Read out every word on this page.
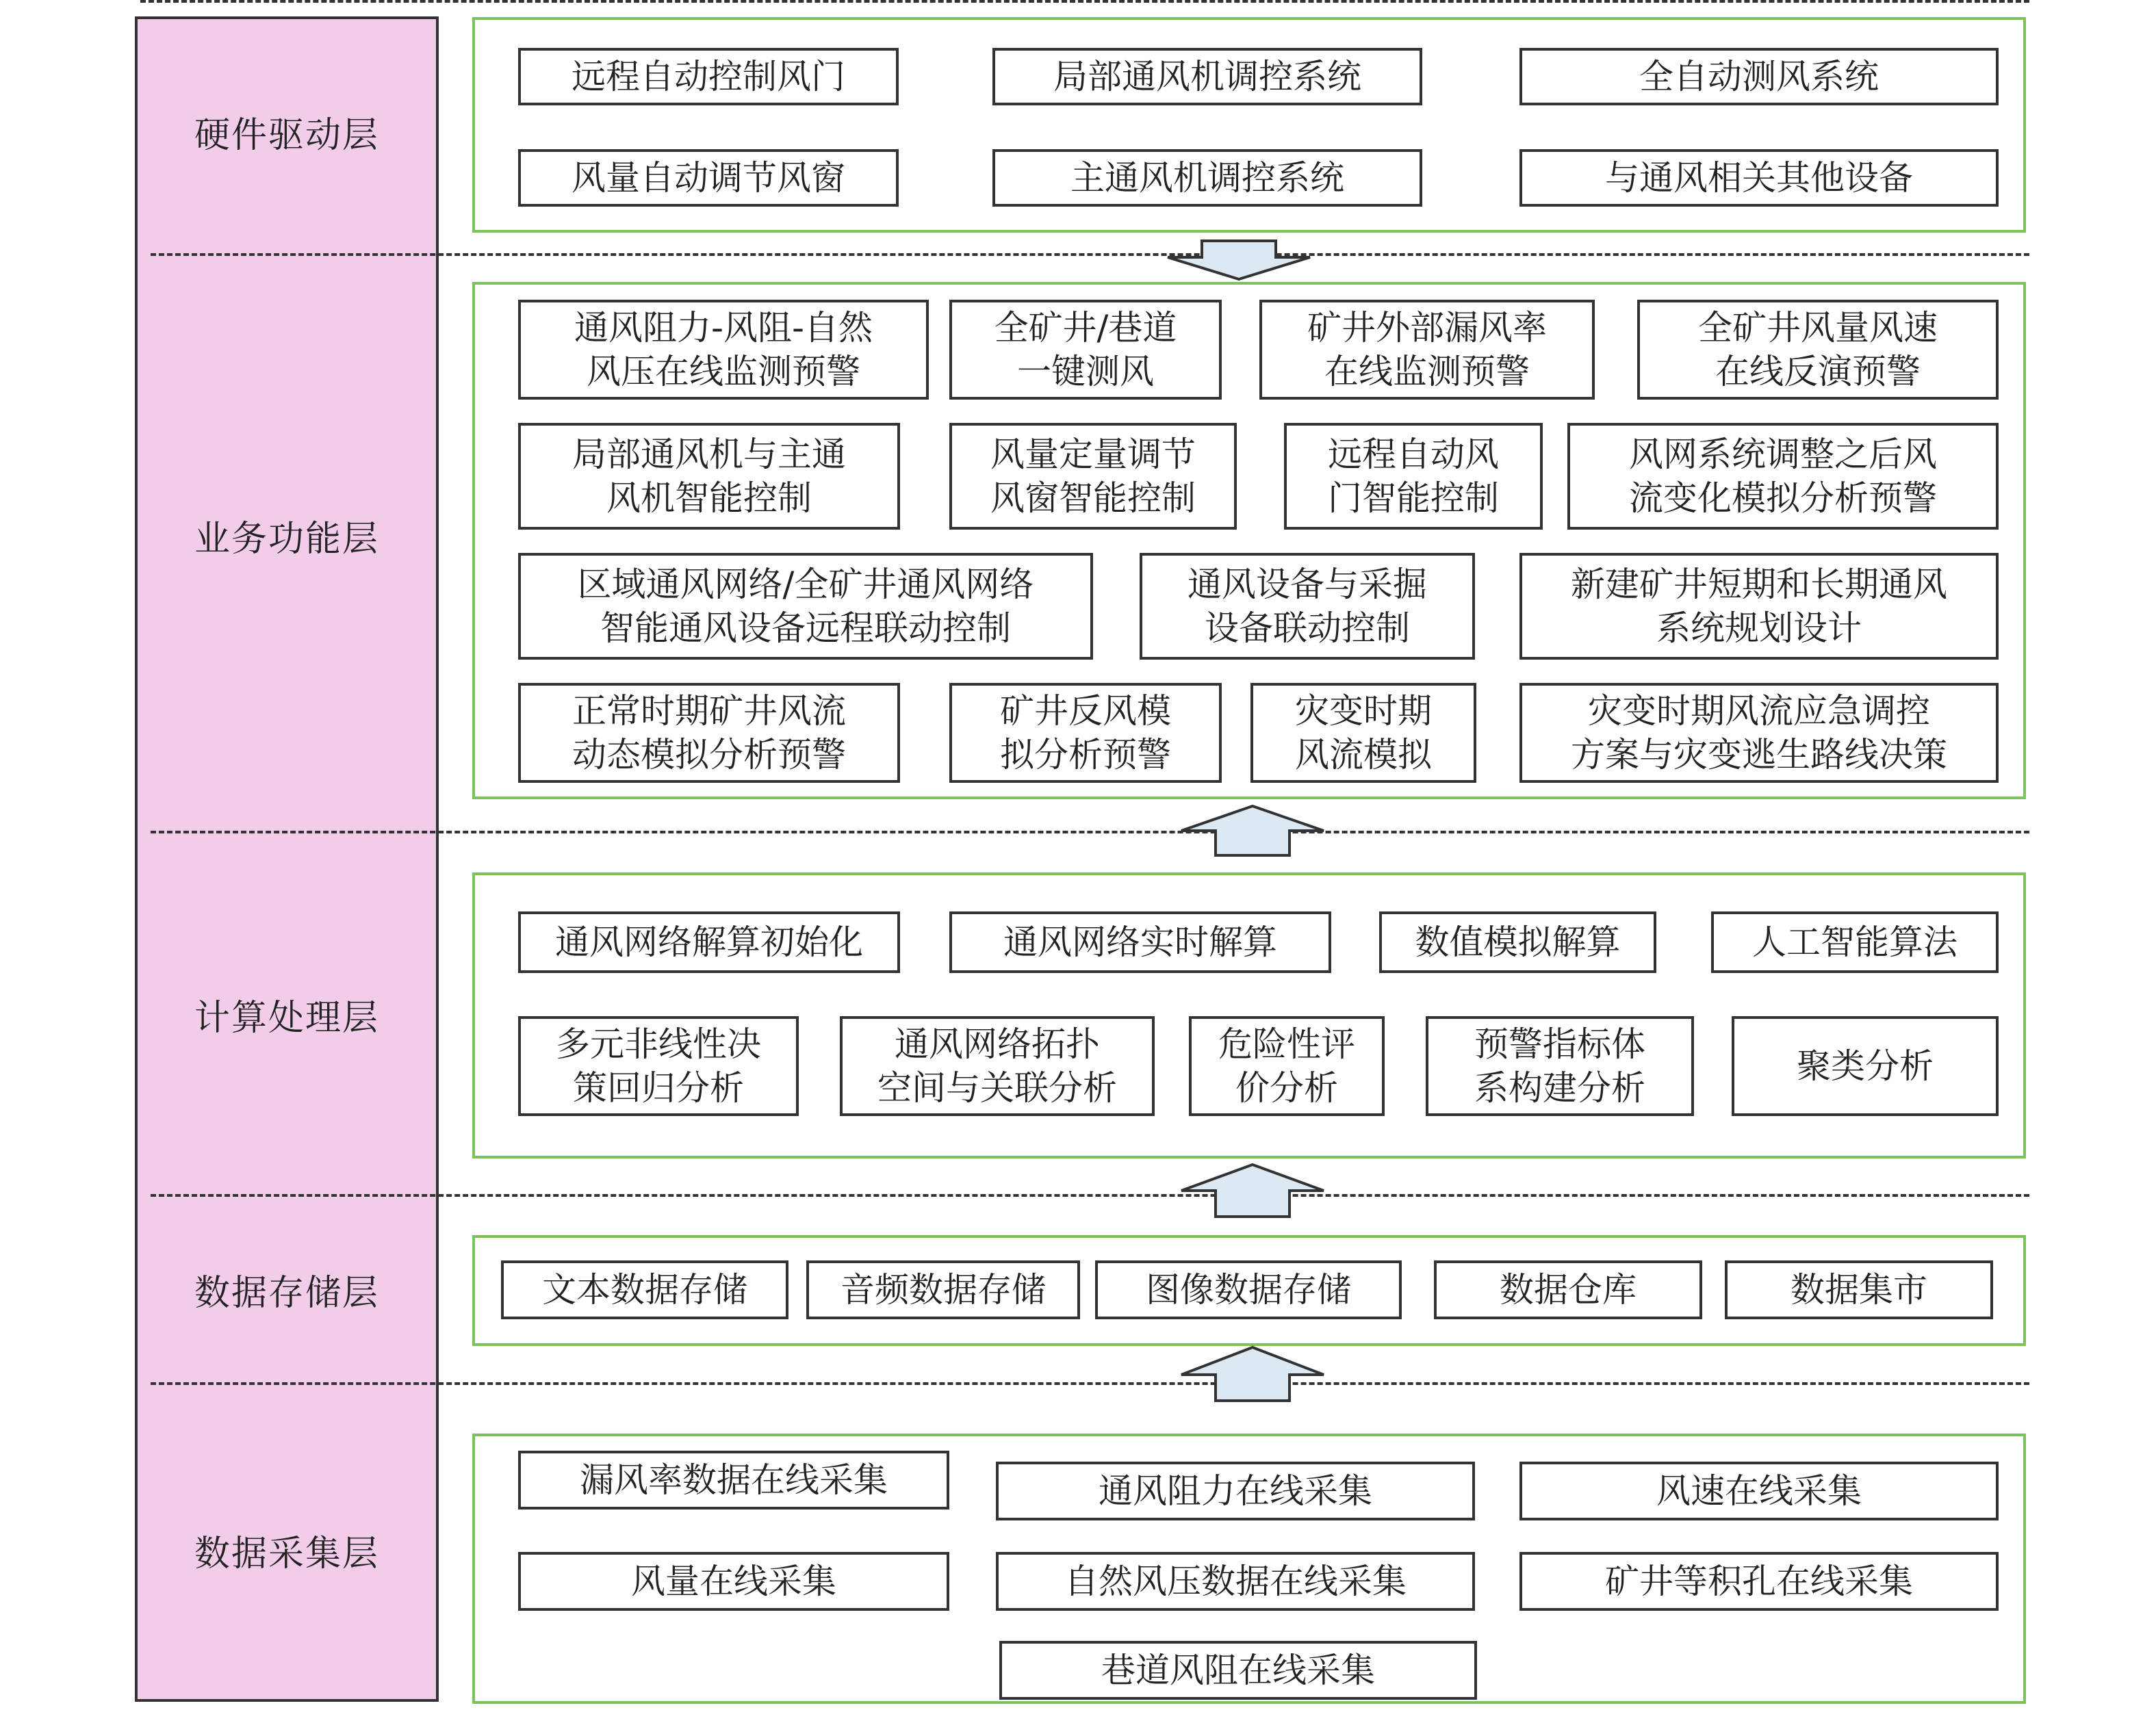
硬件驱动层
业务功能层
计算处理层
数据存储层
数据采集层
远程自动控制风门	局部通风机调控系统	全自动测风系统
风量自动调节风窗	主通风机调控系统	与通风相关其他设备
通风阻力-风阻-自然
风压在线监测预警
全矿井/巷道
一键测风
矿井外部漏风率
在线监测预警
全矿井风量风速
在线反演预警
局部通风机与主通
风机智能控制
风量定量调节
风窗智能控制
远程自动风
门智能控制
风网系统调整之后风
流变化模拟分析预警
区域通风网络/全矿井通风网络
智能通风设备远程联动控制
通风设备与采掘
设备联动控制
新建矿井短期和长期通风
系统规划设计
正常时期矿井风流
动态模拟分析预警
矿井反风模
拟分析预警
灾变时期
风流模拟
灾变时期风流应急调控
方案与灾变逃生路线决策
通风网络解算初始化	通风网络实时解算	数值模拟解算	人工智能算法
多元非线性决
策回归分析
通风网络拓扑
空间与关联分析
危险性评
价分析
预警指标体
系构建分析
聚类分析
文本数据存储	音频数据存储	图像数据存储	数据仓库	数据集市
漏风率数据在线采集	通风阻力在线采集	风速在线采集
风量在线采集	自然风压数据在线采集	矿井等积孔在线采集
巷道风阻在线采集
